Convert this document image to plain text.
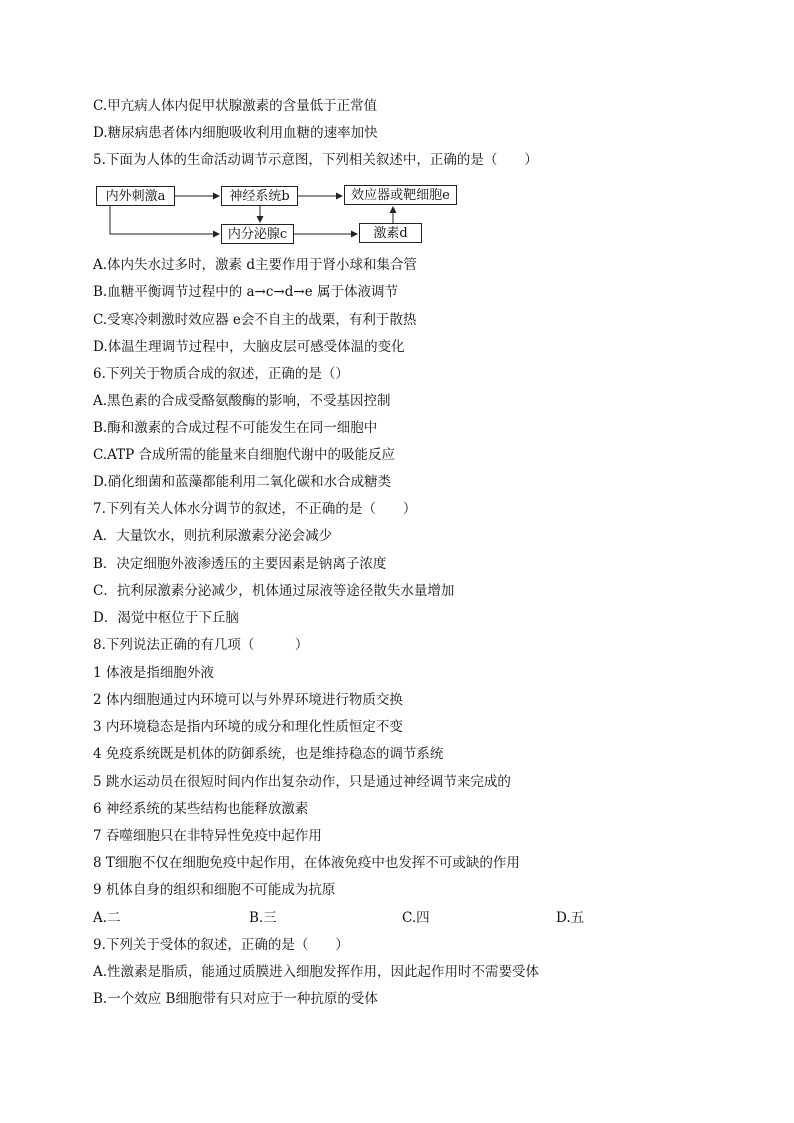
C.甲亢病人体内促甲状腺激素的含量低于正常值
D.糖尿病患者体内细胞吸收利用血糖的速率加快
5.下面为人体的生命活动调节示意图，下列相关叙述中，正确的是（　　）
内外刺激a	神经系统b	效应器或靶细胞e
内分泌腺c	激素d
A.体内失水过多时，激素 d主要作用于肾小球和集合管
B.血糖平衡调节过程中的 a→c→d→e 属于体液调节
C.受寒冷刺激时效应器 e会不自主的战栗，有利于散热
D.体温生理调节过程中，大脑皮层可感受体温的变化
6.下列关于物质合成的叙述，正确的是（）
A.黑色素的合成受酪氨酸酶的影响，不受基因控制
B.酶和激素的合成过程不可能发生在同一细胞中
C.ATP 合成所需的能量来自细胞代谢中的吸能反应
D.硝化细菌和蓝藻都能利用二氧化碳和水合成糖类
7.下列有关人体水分调节的叙述，不正确的是（　　）
A．大量饮水，则抗利尿激素分泌会减少
B．决定细胞外液渗透压的主要因素是钠离子浓度
C．抗利尿激素分泌减少，机体通过尿液等途径散失水量增加
D．渴觉中枢位于下丘脑
8.下列说法正确的有几项（　　　）
1 体液是指细胞外液
2 体内细胞通过内环境可以与外界环境进行物质交换
3 内环境稳态是指内环境的成分和理化性质恒定不变
4 免疫系统既是机体的防御系统，也是维持稳态的调节系统
5 跳水运动员在很短时间内作出复杂动作，只是通过神经调节来完成的
6 神经系统的某些结构也能释放激素
7 吞噬细胞只在非特异性免疫中起作用
8 T细胞不仅在细胞免疫中起作用，在体液免疫中也发挥不可或缺的作用
9 机体自身的组织和细胞不可能成为抗原
A.二	B.三	C.四	D.五
9.下列关于受体的叙述，正确的是（　　）
A.性激素是脂质，能通过质膜进入细胞发挥作用，因此起作用时不需要受体
B.一个效应 B细胞带有只对应于一种抗原的受体
